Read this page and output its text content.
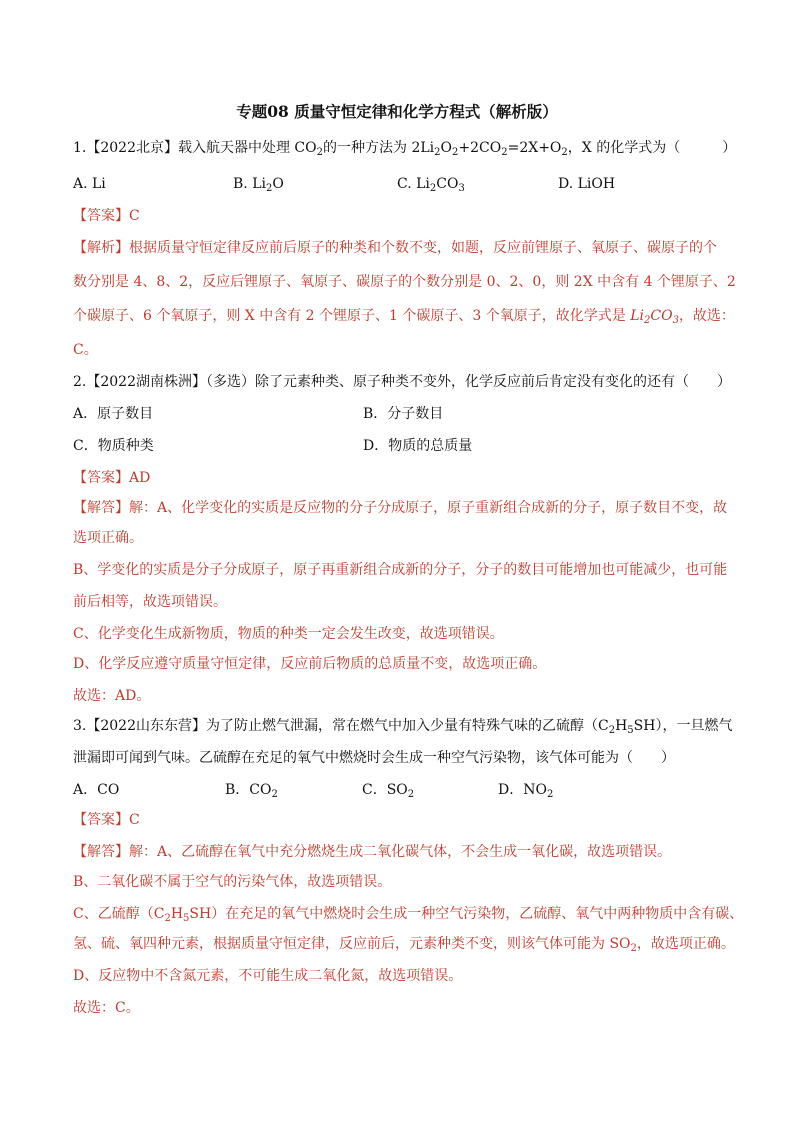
专题08 质量守恒定律和化学方程式（解析版）
1.【2022北京】载入航天器中处理 $CO_2$的一种方法为 $2Li_2O_2+2CO_2=2X+O_2$，X 的化学式为（　　　）
A. Li	B. $Li_2O$	C. $Li_2CO_3$	D. LiOH
【答案】C
【解析】根据质量守恒定律反应前后原子的种类和个数不变，如题，反应前锂原子、氧原子、碳原子的个
数分别是 4、8、2，反应后锂原子、氧原子、碳原子的个数分别是 0、2、0，则 2X 中含有 4 个锂原子、2
个碳原子、6 个氧原子，则 X 中含有 2 个锂原子、1 个碳原子、3 个氧原子，故化学式是 $Li_2CO_3$，故选：
C。
2.【2022湖南株洲】（多选）除了元素种类、原子种类不变外，化学反应前后肯定没有变化的还有（　　）
A．原子数目	B．分子数目
C．物质种类	D．物质的总质量
【答案】AD
【解答】解：A、化学变化的实质是反应物的分子分成原子，原子重新组合成新的分子，原子数目不变，故
选项正确。
B、学变化的实质是分子分成原子，原子再重新组合成新的分子，分子的数目可能增加也可能减少，也可能
前后相等，故选项错误。
C、化学变化生成新物质，物质的种类一定会发生改变，故选项错误。
D、化学反应遵守质量守恒定律，反应前后物质的总质量不变，故选项正确。
故选：AD。
3.【2022山东东营】为了防止燃气泄漏，常在燃气中加入少量有特殊气味的乙硫醇$(C_2H_5SH)$，一旦燃气
泄漏即可闻到气味。乙硫醇在充足的氧气中燃烧时会生成一种空气污染物，该气体可能为（　　）
A．CO	B．$CO_2$	C．$SO_2$	D．$NO_2$
【答案】C
【解答】解：A、乙硫醇在氧气中充分燃烧生成二氧化碳气体，不会生成一氧化碳，故选项错误。
B、二氧化碳不属于空气的污染气体，故选项错误。
C、乙硫醇$(C_2H_5SH)$在充足的氧气中燃烧时会生成一种空气污染物，乙硫醇、氧气中两种物质中含有碳、
氢、硫、氧四种元素，根据质量守恒定律，反应前后，元素种类不变，则该气体可能为 $SO_2$，故选项正确。
D、反应物中不含氮元素，不可能生成二氧化氮，故选项错误。
故选：C。
